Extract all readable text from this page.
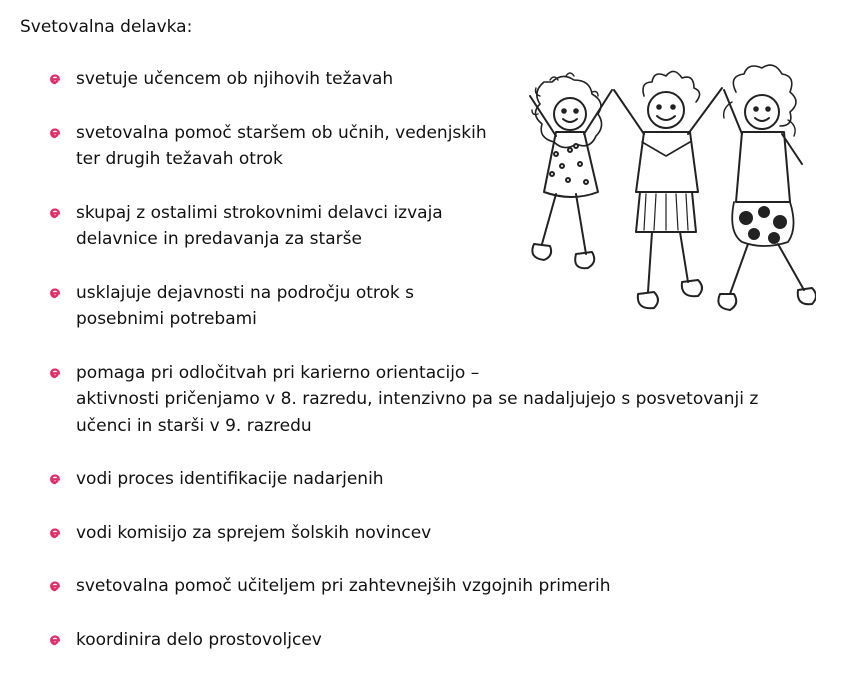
Svetovalna delavka:
svetuje učencem ob njihovih težavah
svetovalna pomoč staršem ob učnih, vedenjskih
ter drugih težavah otrok
skupaj z ostalimi strokovnimi delavci izvaja
delavnice in predavanja za starše
usklajuje dejavnosti na področju otrok s
posebnimi potrebami
pomaga pri odločitvah pri karierno orientacijo –
aktivnosti pričenjamo v 8. razredu, intenzivno pa se nadaljujejo s posvetovanji z
učenci in starši v 9. razredu
vodi proces identifikacije nadarjenih
vodi komisijo za sprejem šolskih novincev
svetovalna pomoč učiteljem pri zahtevnejših vzgojnih primerih
koordinira delo prostovoljcev
